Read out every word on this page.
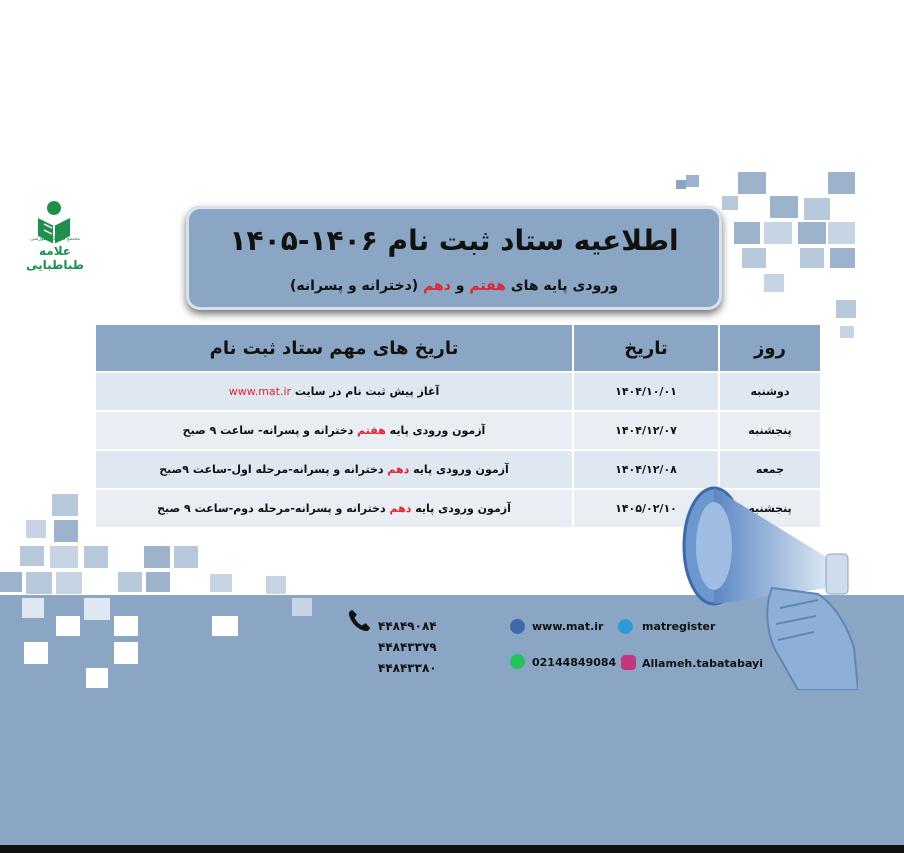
مجتمع فرهنگی آموزشی
علامه طباطبایی
اطلاعیه ستاد ثبت نام ۱۴۰۶-۱۴۰۵
ورودی پایه های هفتم و دهم (دخترانه و پسرانه)
روز	تاریخ	تاریخ های مهم ستاد ثبت نام
دوشنبه	۱۴۰۴/۱۰/۰۱	آغاز پیش ثبت نام در سایت www.mat.ir
پنجشنبه	۱۴۰۴/۱۲/۰۷	آزمون ورودی پایه هفتم دخترانه و پسرانه- ساعت ۹ صبح
جمعه	۱۴۰۴/۱۲/۰۸	آزمون ورودی پایه دهم دخترانه و پسرانه-مرحله اول-ساعت ۹صبح
پنجشنبه	۱۴۰۵/۰۲/۱۰	آزمون ورودی پایه دهم دخترانه و پسرانه-مرحله دوم-ساعت ۹ صبح
۴۴۸۴۹۰۸۴
۴۴۸۴۳۳۷۹
۴۴۸۴۳۳۸۰
www.mat.ir	matregister
02144849084 Allameh.tabatabayi
